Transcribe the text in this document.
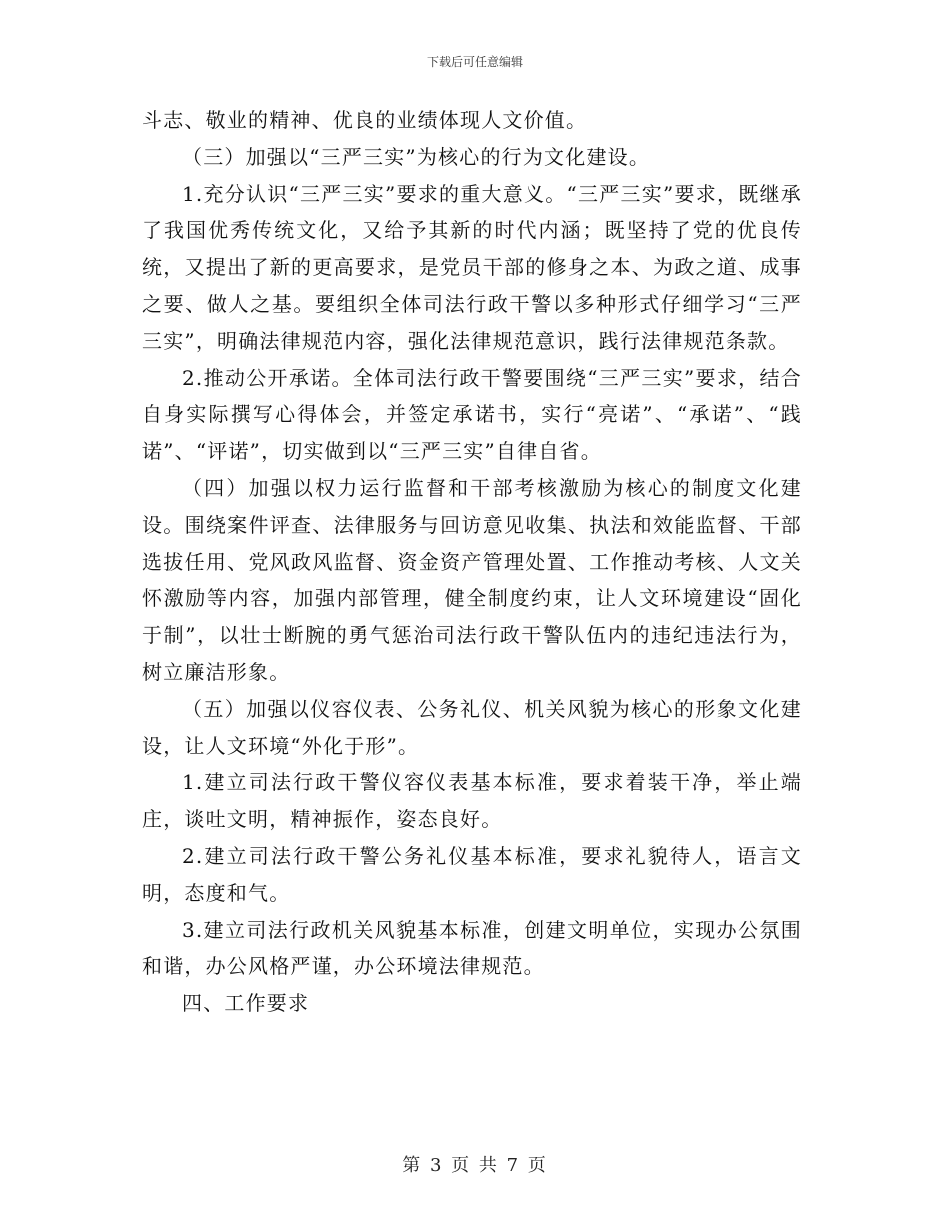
下载后可任意编辑

斗志、敬业的精神、优良的业绩体现人文价值。

（三）加强以“三严三实”为核心的行为文化建设。

1.充分认识“三严三实”要求的重大意义。“三严三实”要求，既继承了我国优秀传统文化，又给予其新的时代内涵；既坚持了党的优良传统，又提出了新的更高要求，是党员干部的修身之本、为政之道、成事之要、做人之基。要组织全体司法行政干警以多种形式仔细学习“三严三实”，明确法律规范内容，强化法律规范意识，践行法律规范条款。

2.推动公开承诺。全体司法行政干警要围绕“三严三实”要求，结合自身实际撰写心得体会，并签定承诺书，实行“亮诺”、“承诺”、“践诺”、“评诺”，切实做到以“三严三实”自律自省。

（四）加强以权力运行监督和干部考核激励为核心的制度文化建设。围绕案件评查、法律服务与回访意见收集、执法和效能监督、干部选拔任用、党风政风监督、资金资产管理处置、工作推动考核、人文关怀激励等内容，加强内部管理，健全制度约束，让人文环境建设“固化于制”，以壮士断腕的勇气惩治司法行政干警队伍内的违纪违法行为，树立廉洁形象。

（五）加强以仪容仪表、公务礼仪、机关风貌为核心的形象文化建设，让人文环境“外化于形”。

1.建立司法行政干警仪容仪表基本标准，要求着装干净，举止端庄，谈吐文明，精神振作，姿态良好。

2.建立司法行政干警公务礼仪基本标准，要求礼貌待人，语言文明，态度和气。

3.建立司法行政机关风貌基本标准，创建文明单位，实现办公氛围和谐，办公风格严谨，办公环境法律规范。

四、工作要求

第 3 页 共 7 页
